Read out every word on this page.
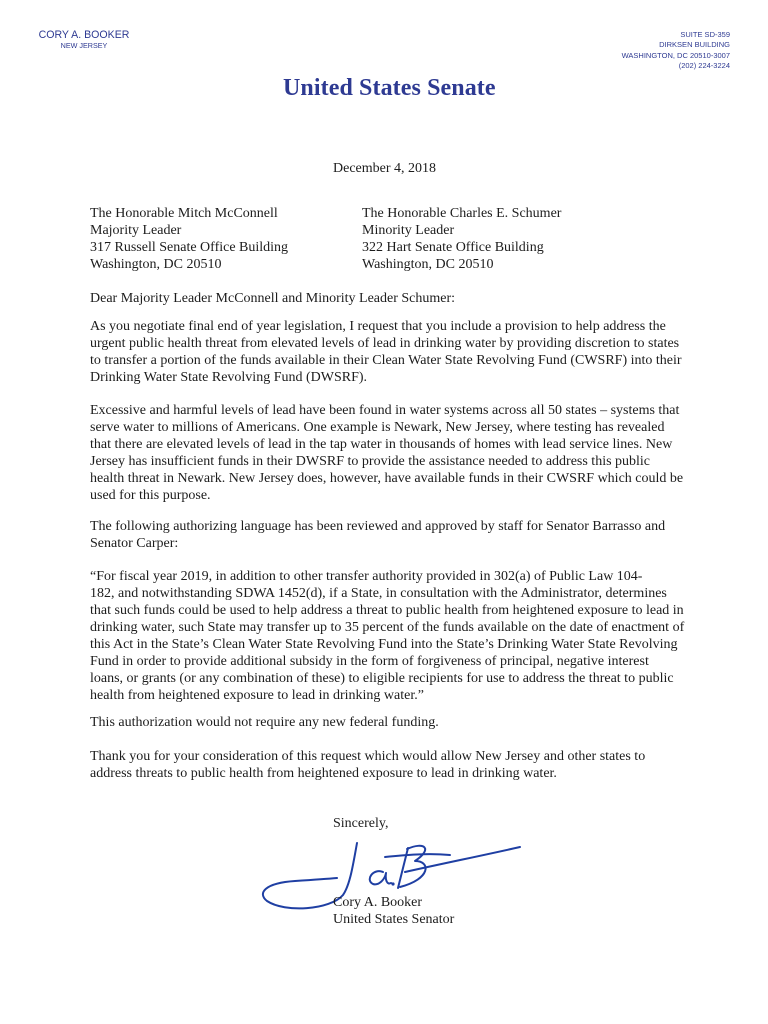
CORY A. BOOKER
NEW JERSEY
SUITE SD-359
DIRKSEN BUILDING
WASHINGTON, DC 20510-3007
(202) 224-3224
United States Senate
December 4, 2018
The Honorable Mitch McConnell
Majority Leader
317 Russell Senate Office Building
Washington, DC 20510
The Honorable Charles E. Schumer
Minority Leader
322 Hart Senate Office Building
Washington, DC 20510
Dear Majority Leader McConnell and Minority Leader Schumer:
As you negotiate final end of year legislation, I request that you include a provision to help address the
urgent public health threat from elevated levels of lead in drinking water by providing discretion to states
to transfer a portion of the funds available in their Clean Water State Revolving Fund (CWSRF) into their
Drinking Water State Revolving Fund (DWSRF).
Excessive and harmful levels of lead have been found in water systems across all 50 states – systems that
serve water to millions of Americans. One example is Newark, New Jersey, where testing has revealed
that there are elevated levels of lead in the tap water in thousands of homes with lead service lines. New
Jersey has insufficient funds in their DWSRF to provide the assistance needed to address this public
health threat in Newark. New Jersey does, however, have available funds in their CWSRF which could be
used for this purpose.
The following authorizing language has been reviewed and approved by staff for Senator Barrasso and
Senator Carper:
“For fiscal year 2019, in addition to other transfer authority provided in 302(a) of Public Law 104-
182, and notwithstanding SDWA 1452(d), if a State, in consultation with the Administrator, determines
that such funds could be used to help address a threat to public health from heightened exposure to lead in
drinking water, such State may transfer up to 35 percent of the funds available on the date of enactment of
this Act in the State’s Clean Water State Revolving Fund into the State’s Drinking Water State Revolving
Fund in order to provide additional subsidy in the form of forgiveness of principal, negative interest
loans, or grants (or any combination of these) to eligible recipients for use to address the threat to public
health from heightened exposure to lead in drinking water.”
This authorization would not require any new federal funding.
Thank you for your consideration of this request which would allow New Jersey and other states to
address threats to public health from heightened exposure to lead in drinking water.
Sincerely,
Cory A. Booker
United States Senator
